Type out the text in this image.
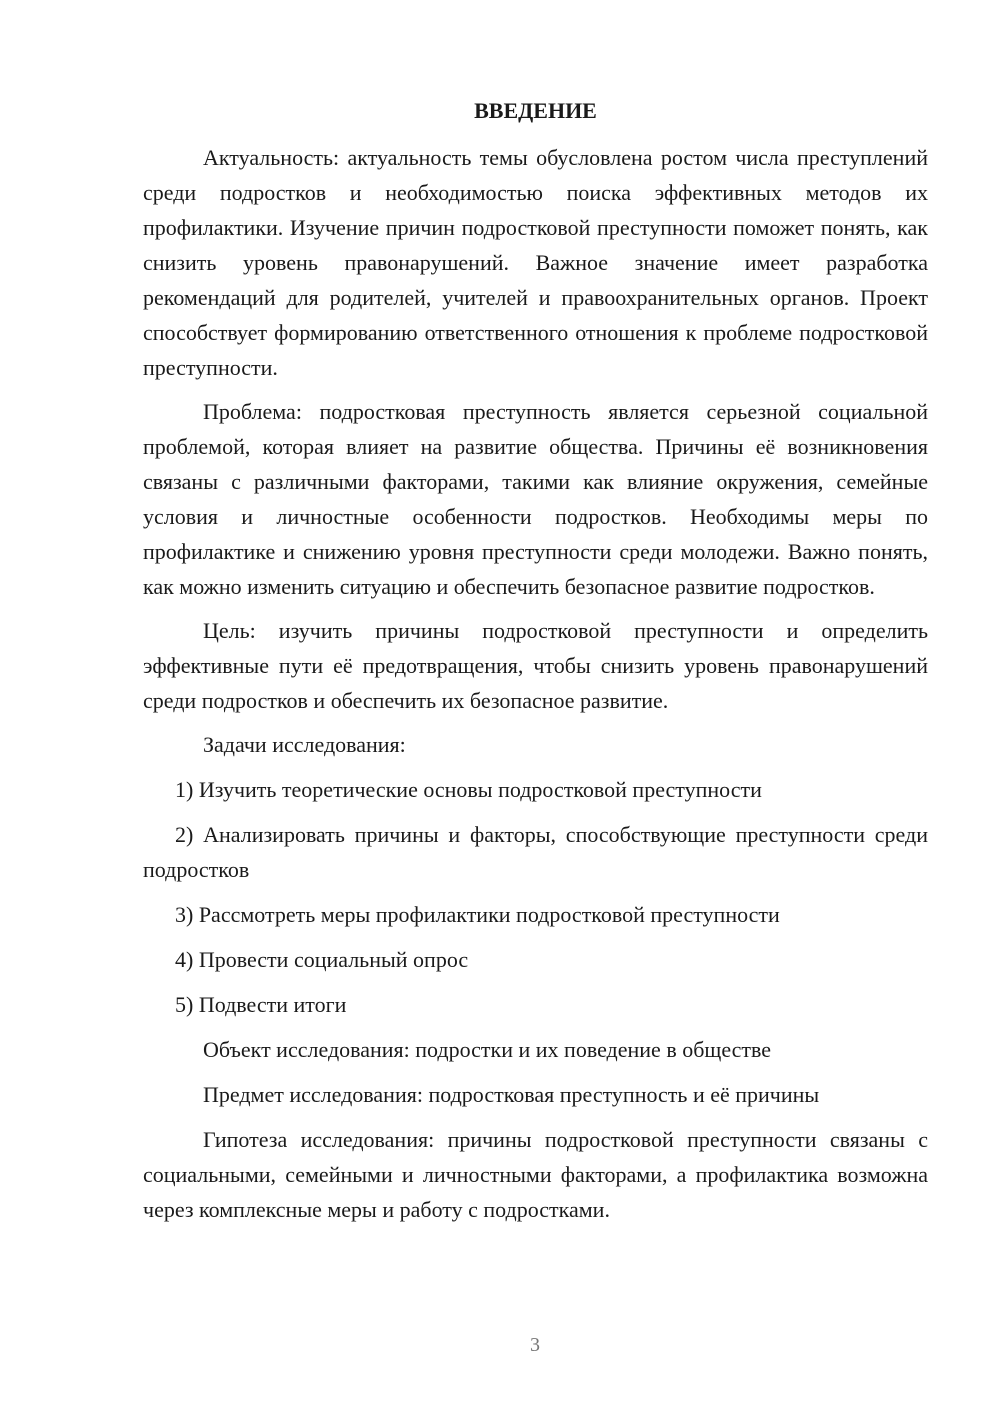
ВВЕДЕНИЕ

Актуальность: актуальность темы обусловлена ростом числа преступлений среди подростков и необходимостью поиска эффективных методов их профилактики. Изучение причин подростковой преступности поможет понять, как снизить уровень правонарушений. Важное значение имеет разработка рекомендаций для родителей, учителей и правоохранительных органов. Проект способствует формированию ответственного отношения к проблеме подростковой преступности.

Проблема: подростковая преступность является серьезной социальной проблемой, которая влияет на развитие общества. Причины её возникновения связаны с различными факторами, такими как влияние окружения, семейные условия и личностные особенности подростков. Необходимы меры по профилактике и снижению уровня преступности среди молодежи. Важно понять, как можно изменить ситуацию и обеспечить безопасное развитие подростков.

Цель: изучить причины подростковой преступности и определить эффективные пути её предотвращения, чтобы снизить уровень правонарушений среди подростков и обеспечить их безопасное развитие.

Задачи исследования:

1) Изучить теоретические основы подростковой преступности

2) Анализировать причины и факторы, способствующие преступности среди подростков

3) Рассмотреть меры профилактики подростковой преступности

4) Провести социальный опрос

5) Подвести итоги

Объект исследования: подростки и их поведение в обществе

Предмет исследования: подростковая преступность и её причины

Гипотеза исследования: причины подростковой преступности связаны с социальными, семейными и личностными факторами, а профилактика возможна через комплексные меры и работу с подростками.

3
